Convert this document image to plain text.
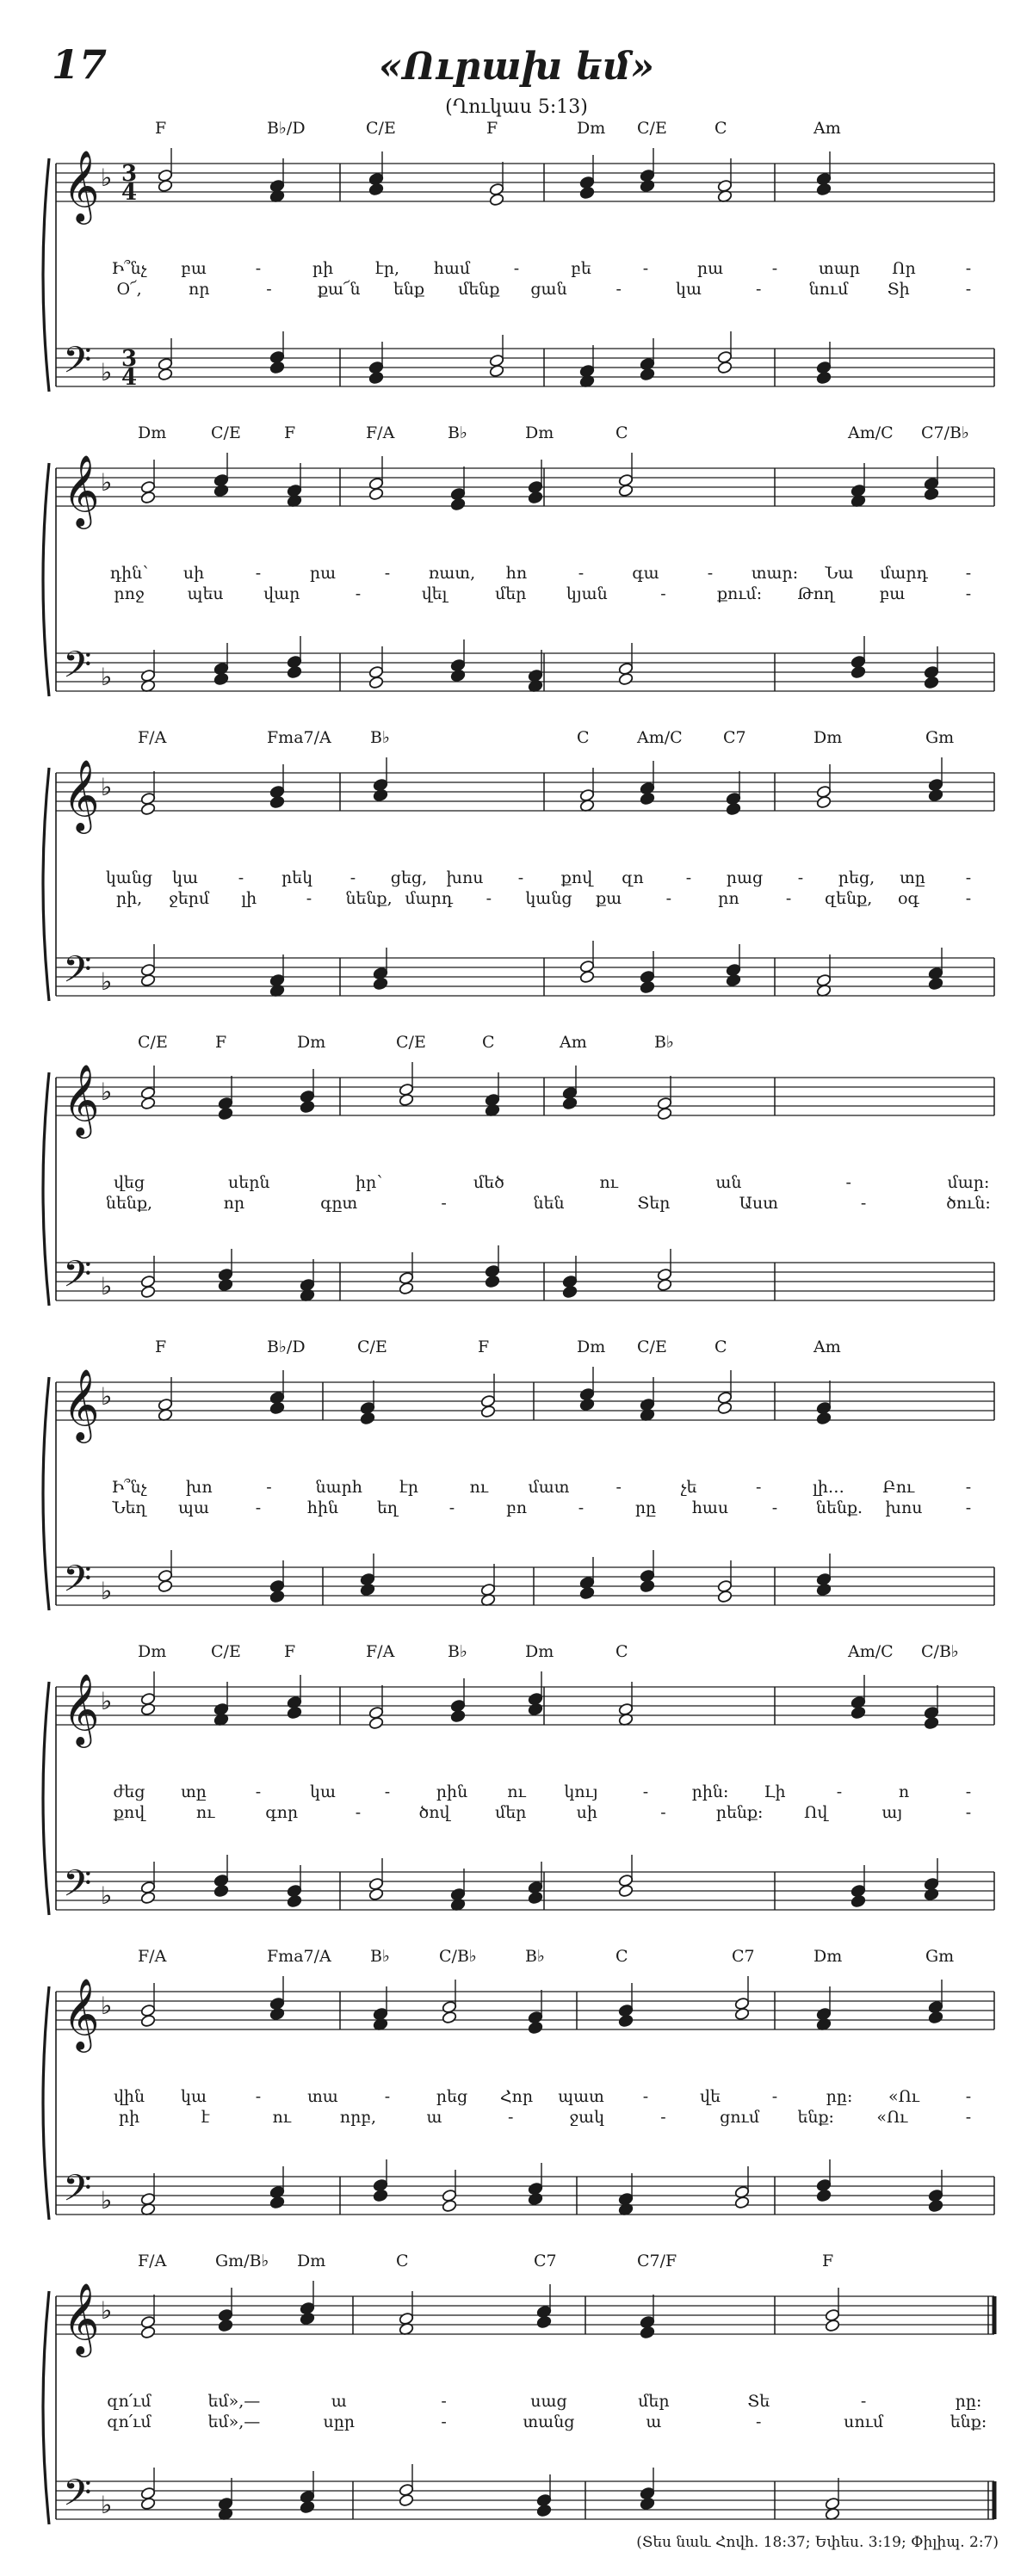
17	«Ուրախ եմ»
(Ղուկաս 5:13)
F	B♭/D	C/E	F	Dm C/E	C	Am
𝄞
𝄢
♭
♭
3
4
3
4
Ի՞նչ բա	-	րի	էր, համ	-	բե	-	րա	-	տար Որ	-
Օ՜,	որ	-	քա՜ն ենք մենք ցան	-	կա	-	նում Տի	-
Dm	C/E	F	F/A	B♭	Dm	C	Am/C C7/B♭
𝄞
𝄢
♭
♭
դին՝ սի	-	րա	- ռատ, հո	-	գա	- տար: Նա մարդ -
րոջ	պես վար	-	վել	մեր կյան	-	քում: Թող	բա	-
F/A	Fma7/A B♭	C	Am/C C7	Dm	Gm
𝄞
𝄢
♭
♭
կանց կա - րեկ - ցեց, խոս - քով զո	- րաց - րեց, տը -
րի, ջերմ լի	- նենք, մարդ - կանց քա	-	րո	- զենք, օգ	-
C/E	F	Dm	C/E	C	Am	B♭
𝄞
𝄢
♭
♭
վեց	սերն	իր՝	մեծ	ու	ան	-	մար:
նենք,	որ	գըտ	-	նեն	Տեր	Աստ	-	ծուն:
F	B♭/D	C/E	F	Dm C/E	C	Am
𝄞
𝄢
♭
♭
Ի՞նչ խո	-	նարհ էր	ու մատ	-	չե	-	լի… Բու	-
Նեղ պա	-	հին եղ	-	բո	-	րը հաս	- նենք. խոս	-
Dm	C/E	F	F/A	B♭	Dm	C	Am/C C/B♭
𝄞
𝄢
♭
♭
ժեց տը	-	կա	-	րին ու կույ	-	րին: Լի	-	ո	-
քով	ու	գոր	-	ծով	մեր	սի	-	րենք:	Ով	այ	-
F/A	Fma7/A B♭	C/B♭	B♭	C	C7	Dm	Gm
𝄞
𝄢
♭
♭
վին կա	-	տա	-	րեց Հոր պատ -	վե	-	րը: «Ու	-
րի	է	ու	որբ,	ա	-	ջակ	-	ցում ենք:	«Ու	-
F/A	Gm/B♭ Dm	C	C7	C7/F	F
𝄞
𝄢
♭
♭
զո՛ւմ	եմ»,—	ա	-	սաց	մեր	Տե	-	րը:
զո՛ւմ	եմ»,—	սըր	-	տանց	ա	-	սում	ենք:
(Տես նաև Հովհ. 18:37; Եփես. 3:19; Փիլիպ. 2:7)
